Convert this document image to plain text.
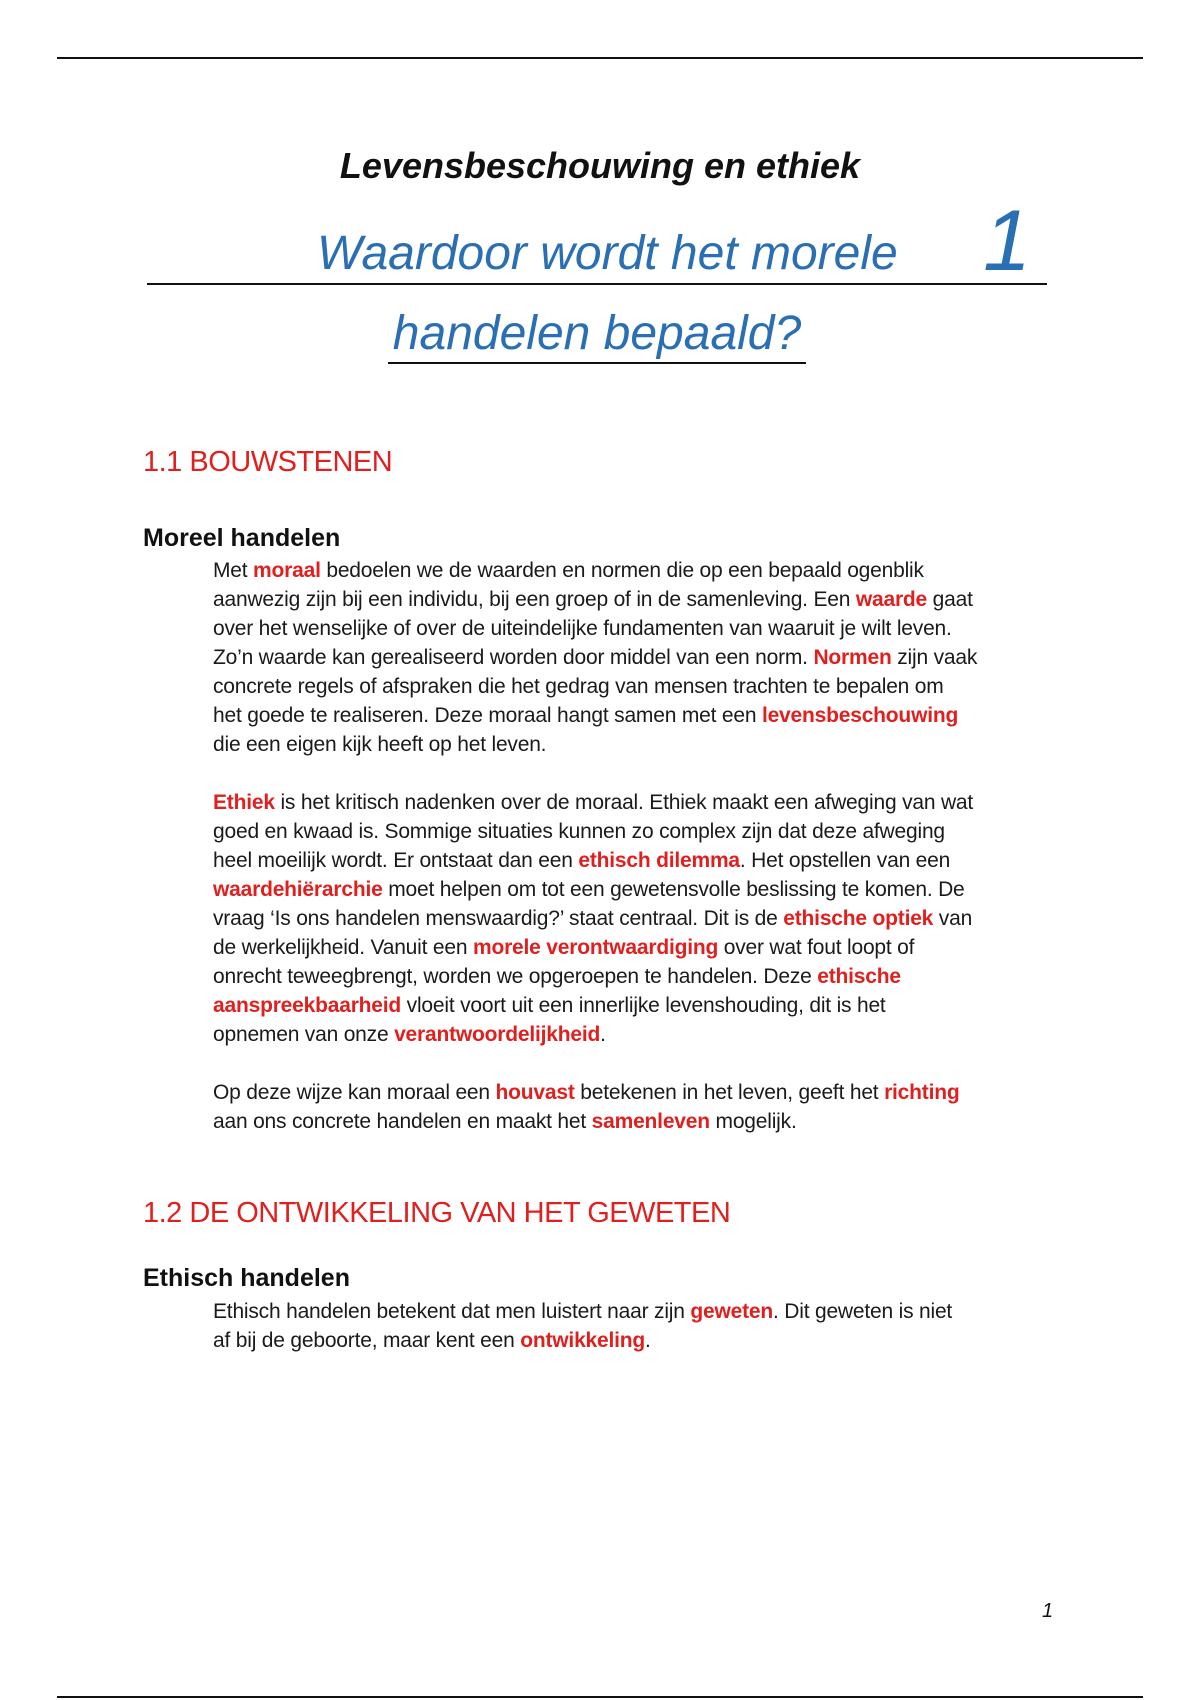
Levensbeschouwing en ethiek
Waardoor wordt het morele 1
handelen bepaald?
1.1 BOUWSTENEN
Moreel handelen
Met moraal bedoelen we de waarden en normen die op een bepaald ogenblik
aanwezig zijn bij een individu, bij een groep of in de samenleving. Een waarde gaat
over het wenselijke of over de uiteindelijke fundamenten van waaruit je wilt leven.
Zo’n waarde kan gerealiseerd worden door middel van een norm. Normen zijn vaak
concrete regels of afspraken die het gedrag van mensen trachten te bepalen om
het goede te realiseren. Deze moraal hangt samen met een levensbeschouwing
die een eigen kijk heeft op het leven.
Ethiek is het kritisch nadenken over de moraal. Ethiek maakt een afweging van wat
goed en kwaad is. Sommige situaties kunnen zo complex zijn dat deze afweging
heel moeilijk wordt. Er ontstaat dan een ethisch dilemma. Het opstellen van een
waardehiërarchie moet helpen om tot een gewetensvolle beslissing te komen. De
vraag ‘Is ons handelen menswaardig?’ staat centraal. Dit is de ethische optiek van
de werkelijkheid. Vanuit een morele verontwaardiging over wat fout loopt of
onrecht teweegbrengt, worden we opgeroepen te handelen. Deze ethische
aanspreekbaarheid vloeit voort uit een innerlijke levenshouding, dit is het
opnemen van onze verantwoordelijkheid.
Op deze wijze kan moraal een houvast betekenen in het leven, geeft het richting
aan ons concrete handelen en maakt het samenleven mogelijk.
1.2 DE ONTWIKKELING VAN HET GEWETEN
Ethisch handelen
Ethisch handelen betekent dat men luistert naar zijn geweten. Dit geweten is niet
af bij de geboorte, maar kent een ontwikkeling.
1
